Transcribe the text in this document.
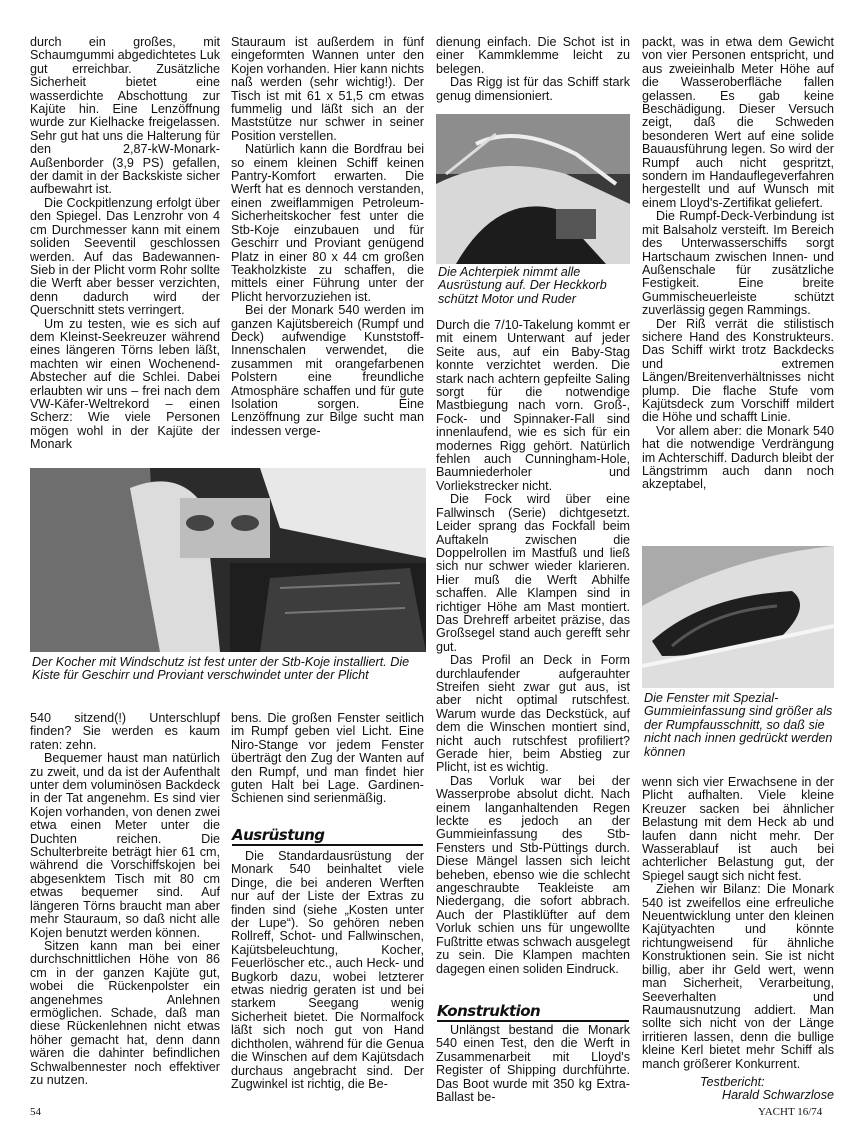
durch ein großes, mit Schaumgummi abgedichtetes Luk gut erreichbar. Zusätzliche Sicherheit bietet eine wasserdichte Abschottung zur Kajüte hin. Eine Lenzöffnung wurde zur Kielhacke freigelassen. Sehr gut hat uns die Halterung für den 2,87-kW-Monark-Außenborder (3,9 PS) gefallen, der damit in der Backskiste sicher aufbewahrt ist.

Die Cockpitlenzung erfolgt über den Spiegel. Das Lenzrohr von 4 cm Durchmesser kann mit einem soliden Seeventil geschlossen werden. Auf das Badewannen-Sieb in der Plicht vorm Rohr sollte die Werft aber besser verzichten, denn dadurch wird der Querschnitt stets verringert.

Um zu testen, wie es sich auf dem Kleinst-Seekreuzer während eines längeren Törns leben läßt, machten wir einen Wochenend-Abstecher auf die Schlei. Dabei erlaubten wir uns – frei nach dem VW-Käfer-Weltrekord – einen Scherz: Wie viele Personen mögen wohl in der Kajüte der Monark

Stauraum ist außerdem in fünf eingeformten Wannen unter den Kojen vorhanden. Hier kann nichts naß werden (sehr wichtig!). Der Tisch ist mit 61 x 51,5 cm etwas fummelig und läßt sich an der Maststütze nur schwer in seiner Position verstellen.

Natürlich kann die Bordfrau bei so einem kleinen Schiff keinen Pantry-Komfort erwarten. Die Werft hat es dennoch verstanden, einen zweiflammigen Petroleum-Sicherheitskocher fest unter die Stb-Koje einzubauen und für Geschirr und Proviant genügend Platz in einer 80 x 44 cm großen Teakholzkiste zu schaffen, die mittels einer Führung unter der Plicht hervorzuziehen ist.

Bei der Monark 540 werden im ganzen Kajütsbereich (Rumpf und Deck) aufwendige Kunststoff-Innenschalen verwendet, die zusammen mit orangefarbenen Polstern eine freundliche Atmosphäre schaffen und für gute Isolation sorgen. Eine Lenzöffnung zur Bilge sucht man indessen verge-

dienung einfach. Die Schot ist in einer Kammklemme leicht zu belegen.

Das Rigg ist für das Schiff stark genug dimensioniert.

Die Achterpiek nimmt alle Ausrüstung auf. Der Heckkorb schützt Motor und Ruder

Durch die 7/10-Takelung kommt er mit einem Unterwant auf jeder Seite aus, auf ein Baby-Stag konnte verzichtet werden. Die stark nach achtern gepfeilte Saling sorgt für die notwendige Mastbiegung nach vorn. Groß-, Fock- und Spinnaker-Fall sind innenlaufend, wie es sich für ein modernes Rigg gehört. Natürlich fehlen auch Cunningham-Hole, Baumniederholer und Vorliekstrecker nicht.

Die Fock wird über eine Fallwinsch (Serie) dichtgesetzt. Leider sprang das Fockfall beim Auftakeln zwischen die Doppelrollen im Mastfuß und ließ sich nur schwer wieder klarieren. Hier muß die Werft Abhilfe schaffen. Alle Klampen sind in richtiger Höhe am Mast montiert. Das Drehreff arbeitet präzise, das Großsegel stand auch gerefft sehr gut.

Das Profil an Deck in Form durchlaufender aufgerauhter Streifen sieht zwar gut aus, ist aber nicht optimal rutschfest. Warum wurde das Deckstück, auf dem die Winschen montiert sind, nicht auch rutschfest profiliert? Gerade hier, beim Abstieg zur Plicht, ist es wichtig.

Das Vorluk war bei der Wasserprobe absolut dicht. Nach einem langanhaltenden Regen leckte es jedoch an der Gummieinfassung des Stb-Fensters und Stb-Püttings durch. Diese Mängel lassen sich leicht beheben, ebenso wie die schlecht angeschraubte Teakleiste am Niedergang, die sofort abbrach. Auch der Plastiklüfter auf dem Vorluk schien uns für ungewollte Fußtritte etwas schwach ausgelegt zu sein. Die Klampen machten dagegen einen soliden Eindruck.

Konstruktion

Unlängst bestand die Monark 540 einen Test, den die Werft in Zusammenarbeit mit Lloyd's Register of Shipping durchführte. Das Boot wurde mit 350 kg Extra-Ballast be-

packt, was in etwa dem Gewicht von vier Personen entspricht, und aus zweieinhalb Meter Höhe auf die Wasseroberfläche fallen gelassen. Es gab keine Beschädigung. Dieser Versuch zeigt, daß die Schweden besonderen Wert auf eine solide Bauausführung legen. So wird der Rumpf auch nicht gespritzt, sondern im Handauflegeverfahren hergestellt und auf Wunsch mit einem Lloyd's-Zertifikat geliefert.

Die Rumpf-Deck-Verbindung ist mit Balsaholz versteift. Im Bereich des Unterwasserschiffs sorgt Hartschaum zwischen Innen- und Außenschale für zusätzliche Festigkeit. Eine breite Gummischeuerleiste schützt zuverlässig gegen Rammings.

Der Riß verrät die stilistisch sichere Hand des Konstrukteurs. Das Schiff wirkt trotz Backdecks und extremen Längen/Breitenverhältnisses nicht plump. Die flache Stufe vom Kajütsdeck zum Vorschiff mildert die Höhe und schafft Linie.

Vor allem aber: die Monark 540 hat die notwendige Verdrängung im Achterschiff. Dadurch bleibt der Längstrimm auch dann noch akzeptabel,

Der Kocher mit Windschutz ist fest unter der Stb-Koje installiert. Die Kiste für Geschirr und Proviant verschwindet unter der Plicht

540 sitzend(!) Unterschlupf finden? Sie werden es kaum raten: zehn.

Bequemer haust man natürlich zu zweit, und da ist der Aufenthalt unter dem voluminösen Backdeck in der Tat angenehm. Es sind vier Kojen vorhanden, von denen zwei etwa einen Meter unter die Duchten reichen. Die Schulterbreite beträgt hier 61 cm, während die Vorschiffskojen bei abgesenktem Tisch mit 80 cm etwas bequemer sind. Auf längeren Törns braucht man aber mehr Stauraum, so daß nicht alle Kojen benutzt werden können.

Sitzen kann man bei einer durchschnittlichen Höhe von 86 cm in der ganzen Kajüte gut, wobei die Rückenpolster ein angenehmes Anlehnen ermöglichen. Schade, daß man diese Rückenlehnen nicht etwas höher gemacht hat, denn dann wären die dahinter befindlichen Schwalbennester noch effektiver zu nutzen.

bens. Die großen Fenster seitlich im Rumpf geben viel Licht. Eine Niro-Stange vor jedem Fenster überträgt den Zug der Wanten auf den Rumpf, und man findet hier guten Halt bei Lage. Gardinen-Schienen sind serienmäßig.

Ausrüstung

Die Standardausrüstung der Monark 540 beinhaltet viele Dinge, die bei anderen Werften nur auf der Liste der Extras zu finden sind (siehe „Kosten unter der Lupe“). So gehören neben Rollreff, Schot- und Fallwinschen, Kajütsbeleuchtung, Kocher, Feuerlöscher etc., auch Heck- und Bugkorb dazu, wobei letzterer etwas niedrig geraten ist und bei starkem Seegang wenig Sicherheit bietet. Die Normalfock läßt sich noch gut von Hand dichtholen, während für die Genua die Winschen auf dem Kajütsdach durchaus angebracht sind. Der Zugwinkel ist richtig, die Be-

Die Fenster mit Spezial-Gummieinfassung sind größer als der Rumpfausschnitt, so daß sie nicht nach innen gedrückt werden können

wenn sich vier Erwachsene in der Plicht aufhalten. Viele kleine Kreuzer sacken bei ähnlicher Belastung mit dem Heck ab und laufen dann nicht mehr. Der Wasserablauf ist auch bei achterlicher Belastung gut, der Spiegel saugt sich nicht fest.

Ziehen wir Bilanz: Die Monark 540 ist zweifellos eine erfreuliche Neuentwicklung unter den kleinen Kajütyachten und könnte richtungweisend für ähnliche Konstruktionen sein. Sie ist nicht billig, aber ihr Geld wert, wenn man Sicherheit, Verarbeitung, Seeverhalten und Raumausnutzung addiert. Man sollte sich nicht von der Länge irritieren lassen, denn die bullige kleine Kerl bietet mehr Schiff als manch größerer Konkurrent.

Testbericht:
Harald Schwarzlose
54	YACHT 16/74
